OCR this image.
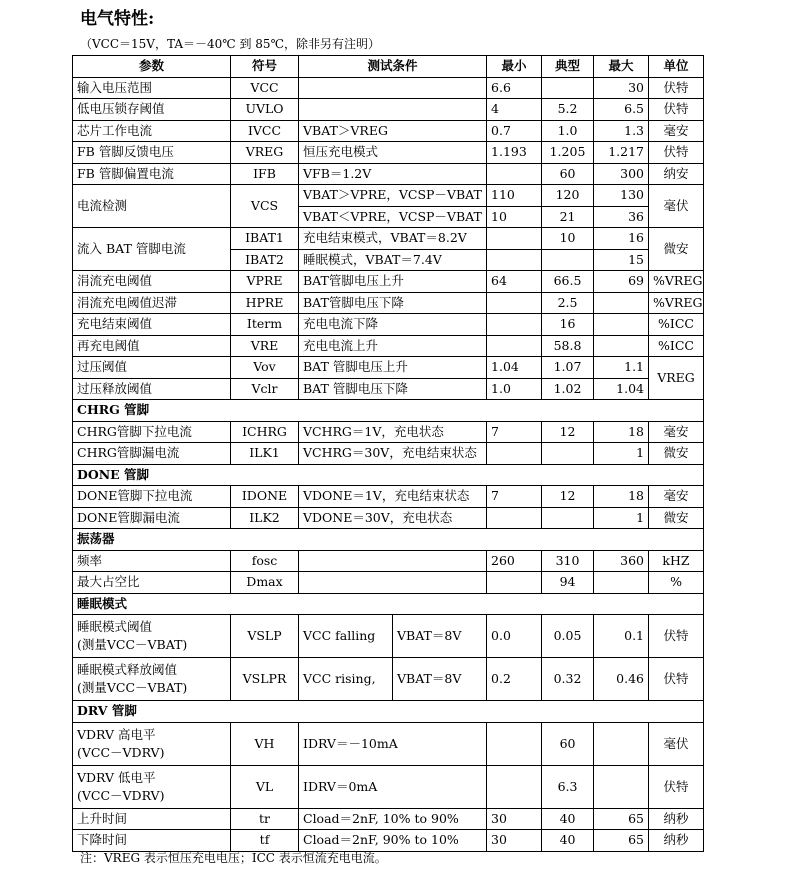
电气特性:
（VCC＝15V，TA＝－40℃ 到 85℃，除非另有注明）
参数	符号	测试条件		最小	典型	最大	单位
输入电压范围	VCC			6.6		30	伏特
低电压锁存阈值	UVLO			4	5.2	6.5	伏特
芯片工作电流	IVCC	VBAT＞VREG		0.7	1.0	1.3	毫安
FB 管脚反馈电压	VREG	恒压充电模式		1.193	1.205	1.217	伏特
FB 管脚偏置电流	IFB	VFB＝1.2V			60	300	纳安
电流检测	VCS	VBAT＞VPRE，VCSP－VBAT		110	120	130	毫伏
		VBAT＜VPRE，VCSP－VBAT		10	21	36	
流入 BAT 管脚电流	IBAT1	充电结束模式，VBAT＝8.2V			10	16	微安
	IBAT2	睡眠模式，VBAT＝7.4V				15	
涓流充电阈值	VPRE	BAT管脚电压上升		64	66.5	69	%VREG
涓流充电阈值迟滞	HPRE	BAT管脚电压下降			2.5		%VREG
充电结束阈值	Iterm	充电电流下降			16		%ICC
再充电阈值	VRE	充电电流上升			58.8		%ICC
过压阈值	Vov	BAT 管脚电压上升		1.04	1.07	1.1	VREG
过压释放阈值	Vclr	BAT 管脚电压下降		1.0	1.02	1.04	
CHRG 管脚							
CHRG管脚下拉电流	ICHRG	VCHRG＝1V，充电状态		7	12	18	毫安
CHRG管脚漏电流	ILK1	VCHRG＝30V，充电结束状态				1	微安
DONE 管脚							
DONE管脚下拉电流	IDONE	VDONE＝1V，充电结束状态		7	12	18	毫安
DONE管脚漏电流	ILK2	VDONE＝30V，充电状态				1	微安
振荡器							
频率	fosc			260	310	360	kHZ
最大占空比	Dmax				94		%
睡眠模式							
睡眠模式阈值
(测量VCC－VBAT)	VSLP	VCC falling	VBAT＝8V	0.0	0.05	0.1	伏特
睡眠模式释放阈值
(测量VCC－VBAT)	VSLPR	VCC rising,	VBAT＝8V	0.2	0.32	0.46	伏特
DRV 管脚							
VDRV 高电平
(VCC－VDRV)	VH	IDRV＝－10mA			60		毫伏
VDRV 低电平
(VCC－VDRV)	VL	IDRV＝0mA			6.3		伏特
上升时间	tr	Cload＝2nF, 10% to 90%		30	40	65	纳秒
下降时间	tf	Cload＝2nF, 90% to 10%		30	40	65	纳秒
注：VREG 表示恒压充电电压；ICC 表示恒流充电电流。
